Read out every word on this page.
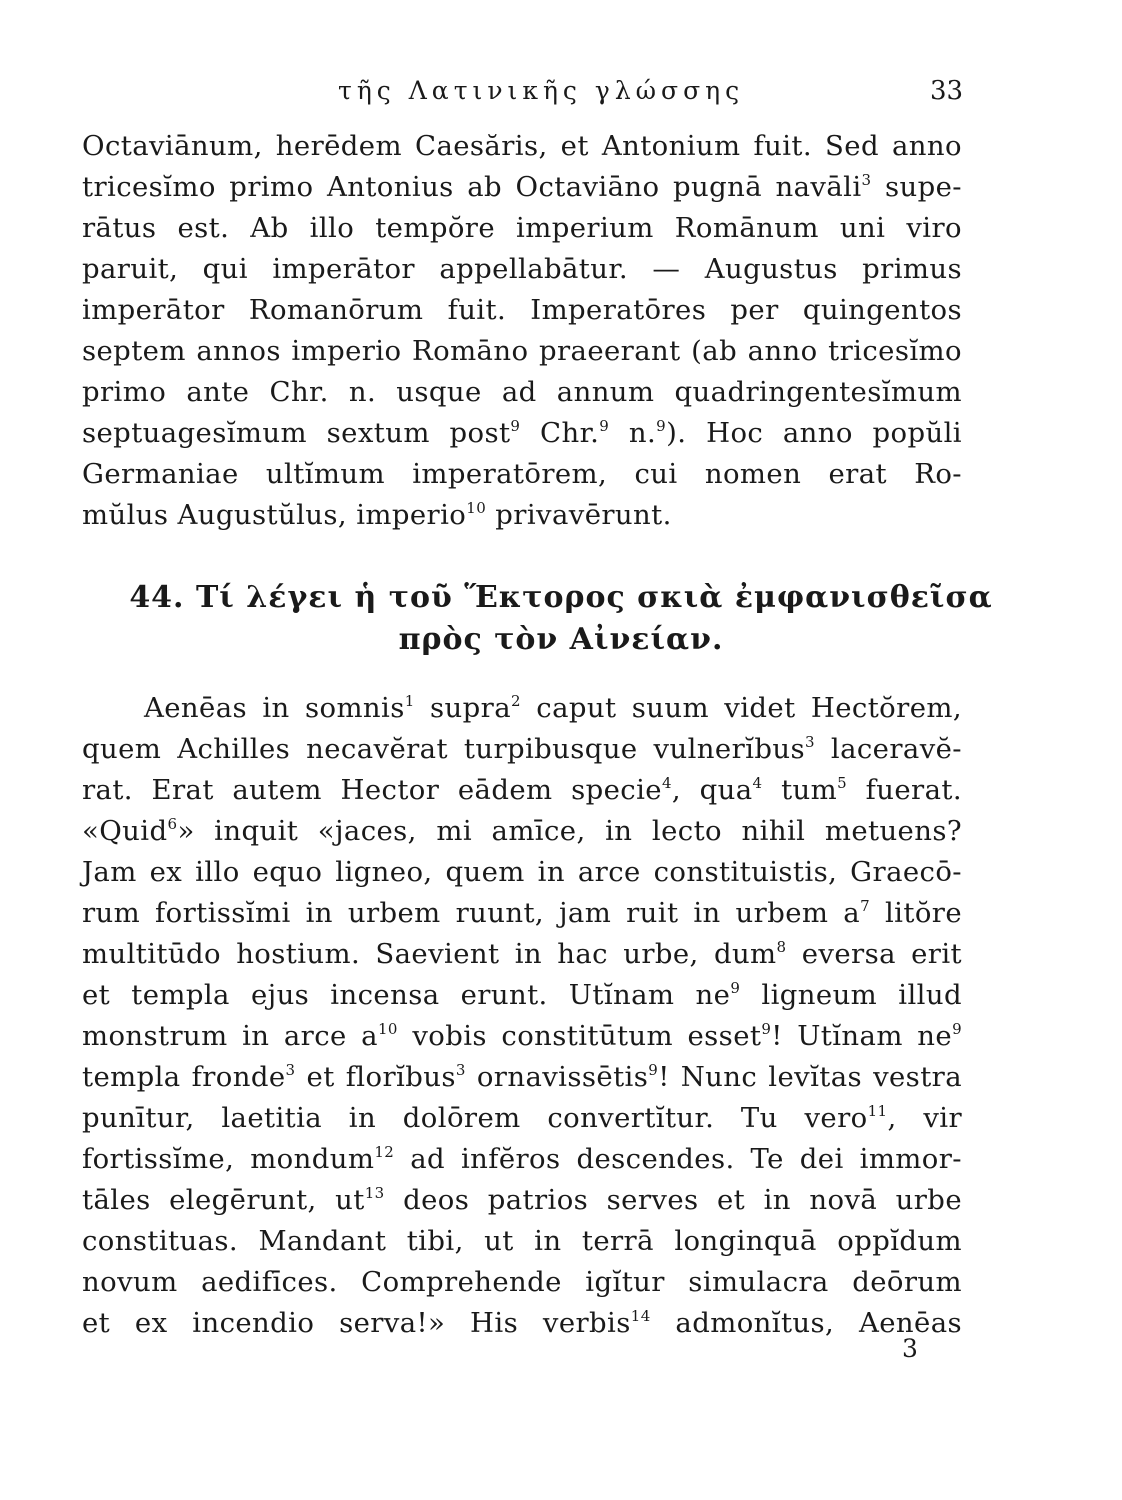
τῆς Λατινικῆς γλώσσης	33
Octaviānum, herēdem Caesăris, et Antonium fuit. Sed anno
tricesĭmo primo Antonius ab Octaviāno pugnā navāli$^3$ supe-
rātus est. Ab illo tempŏre imperium Romānum uni viro
paruit, qui imperātor appellabātur. — Augustus primus
imperātor Romanōrum fuit. Imperatōres per quingentos
septem annos imperio Romāno praeerant (ab anno tricesĭmo
primo ante Chr. n. usque ad annum quadringentesĭmum
septuagesĭmum sextum post$^9$ Chr.$^9$ n.$^9$). Hoc anno popŭli
Germaniae ultĭmum imperatōrem, cui nomen erat Ro-
mŭlus Augustŭlus, imperio$^{10}$ privavērunt.
44. Τί λέγει ἡ τοῦ Ἕκτορος σκιὰ ἐμφανισθεῖσα
πρὸς τὸν Αἰνείαν.
Aenēas in somnis$^1$ supra$^2$ caput suum videt Hectŏrem,
quem Achilles necavĕrat turpibusque vulnerĭbus$^3$ laceravĕ-
rat. Erat autem Hector eādem specie$^4$, qua$^4$ tum$^5$ fuerat.
«Quid$^6$» inquit «jaces, mi amīce, in lecto nihil metuens?
Jam ex illo equo ligneo, quem in arce constituistis, Graecō-
rum fortissĭmi in urbem ruunt, jam ruit in urbem $a^7$ litŏre
multitūdo hostium. Saevient in hac urbe, dum$^8$ eversa erit
et templa ejus incensa erunt. Utĭnam $ne^9$ ligneum illud
monstrum in arce $a^{10}$ vobis constitūtum esset$^9$! Utĭnam $ne^9$
templa fronde$^3$ et florĭbus$^3$ ornavissētis$^9$! Nunc levĭtas vestra
punītur, laetitia in dolōrem convertĭtur. Tu vero$^{11}$, vir
fortissĭme, mondum$^{12}$ ad infĕros descendes. Te dei immor-
tāles elegērunt, $ut^{13}$ deos patrios serves et in novā urbe
constituas. Mandant tibi, ut in terrā longinquā oppĭdum
novum aedifīces. Comprehende igĭtur simulacra deōrum
et ex incendio serva!» His verbis$^{14}$ admonĭtus, Aenēas
3
